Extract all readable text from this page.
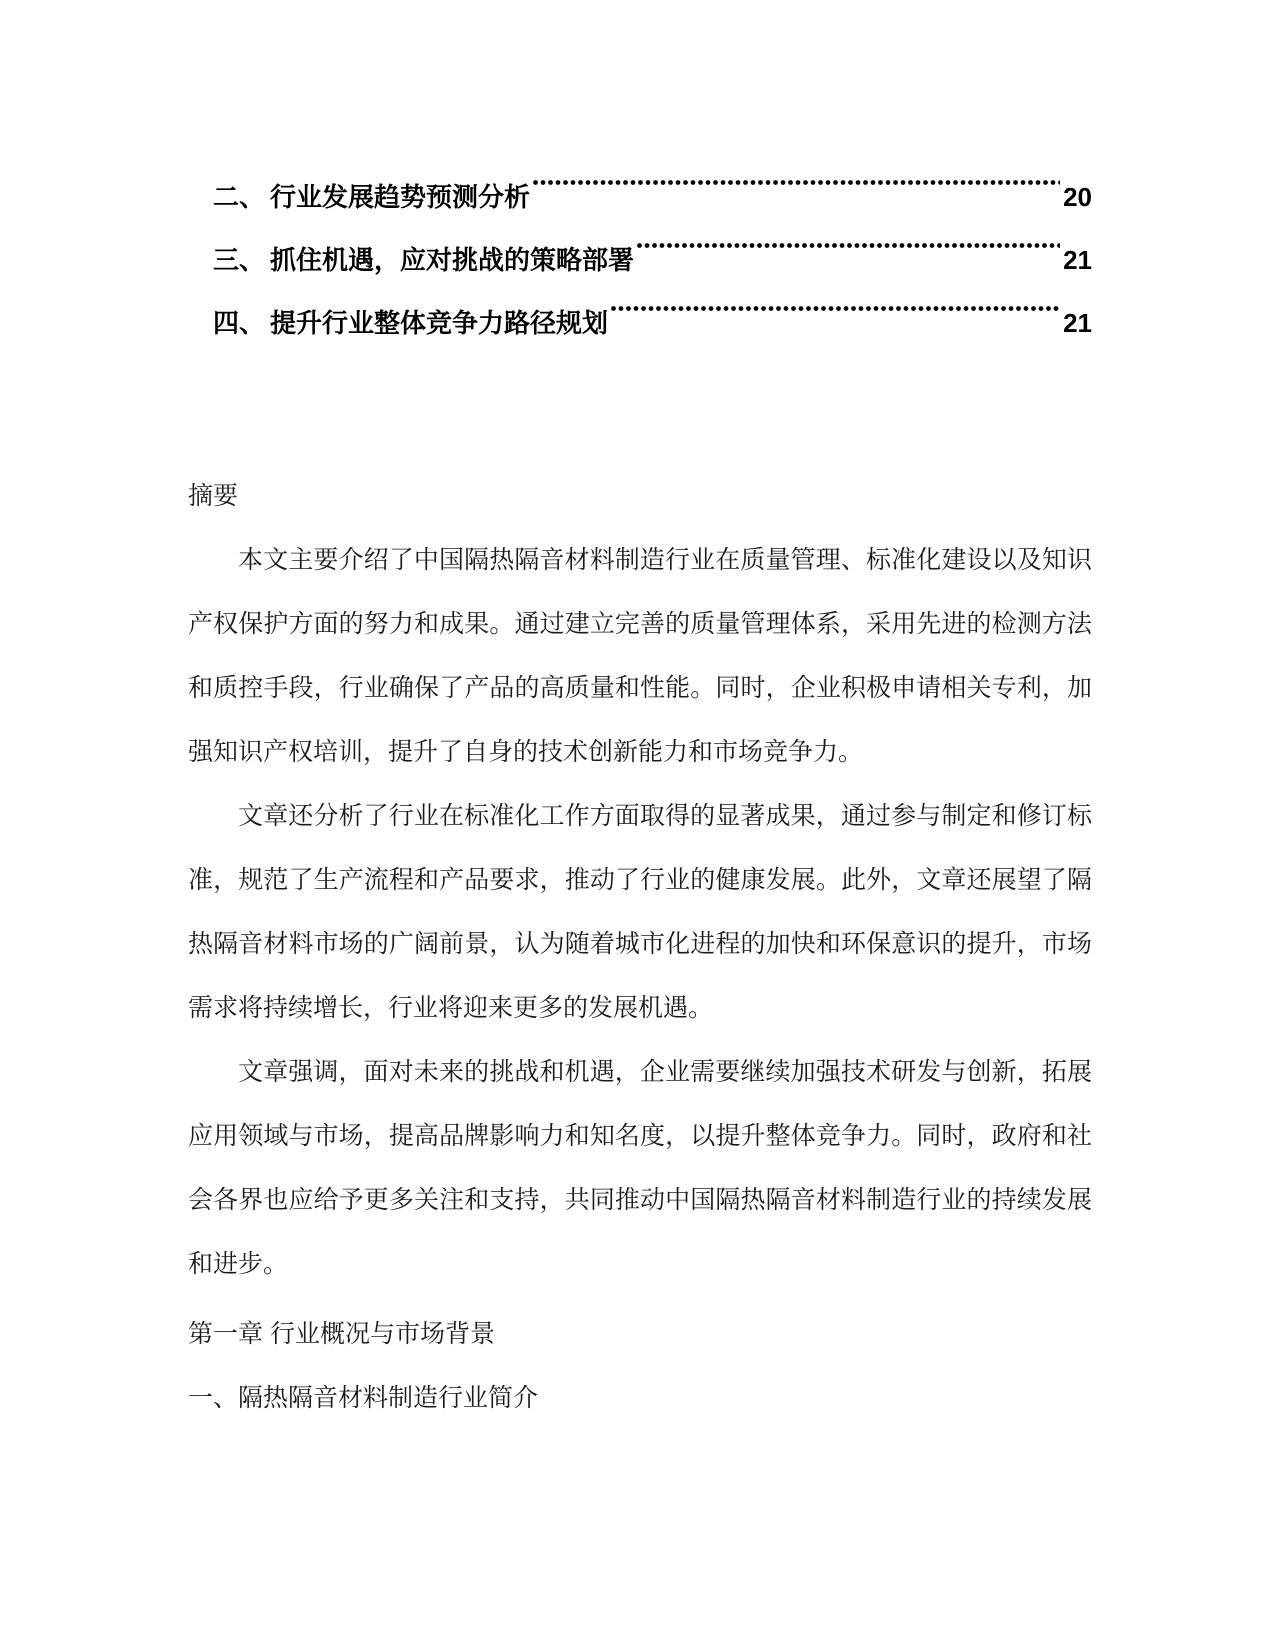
二、 行业发展趋势预测分析	20
三、 抓住机遇，应对挑战的策略部署	21
四、 提升行业整体竞争力路径规划	21

摘要

本文主要介绍了中国隔热隔音材料制造行业在质量管理、标准化建设以及知识产权保护方面的努力和成果。通过建立完善的质量管理体系，采用先进的检测方法和质控手段，行业确保了产品的高质量和性能。同时，企业积极申请相关专利，加强知识产权培训，提升了自身的技术创新能力和市场竞争力。

文章还分析了行业在标准化工作方面取得的显著成果，通过参与制定和修订标准，规范了生产流程和产品要求，推动了行业的健康发展。此外，文章还展望了隔热隔音材料市场的广阔前景，认为随着城市化进程的加快和环保意识的提升，市场需求将持续增长，行业将迎来更多的发展机遇。

文章强调，面对未来的挑战和机遇，企业需要继续加强技术研发与创新，拓展应用领域与市场，提高品牌影响力和知名度，以提升整体竞争力。同时，政府和社会各界也应给予更多关注和支持，共同推动中国隔热隔音材料制造行业的持续发展和进步。

第一章 行业概况与市场背景

一、隔热隔音材料制造行业简介
